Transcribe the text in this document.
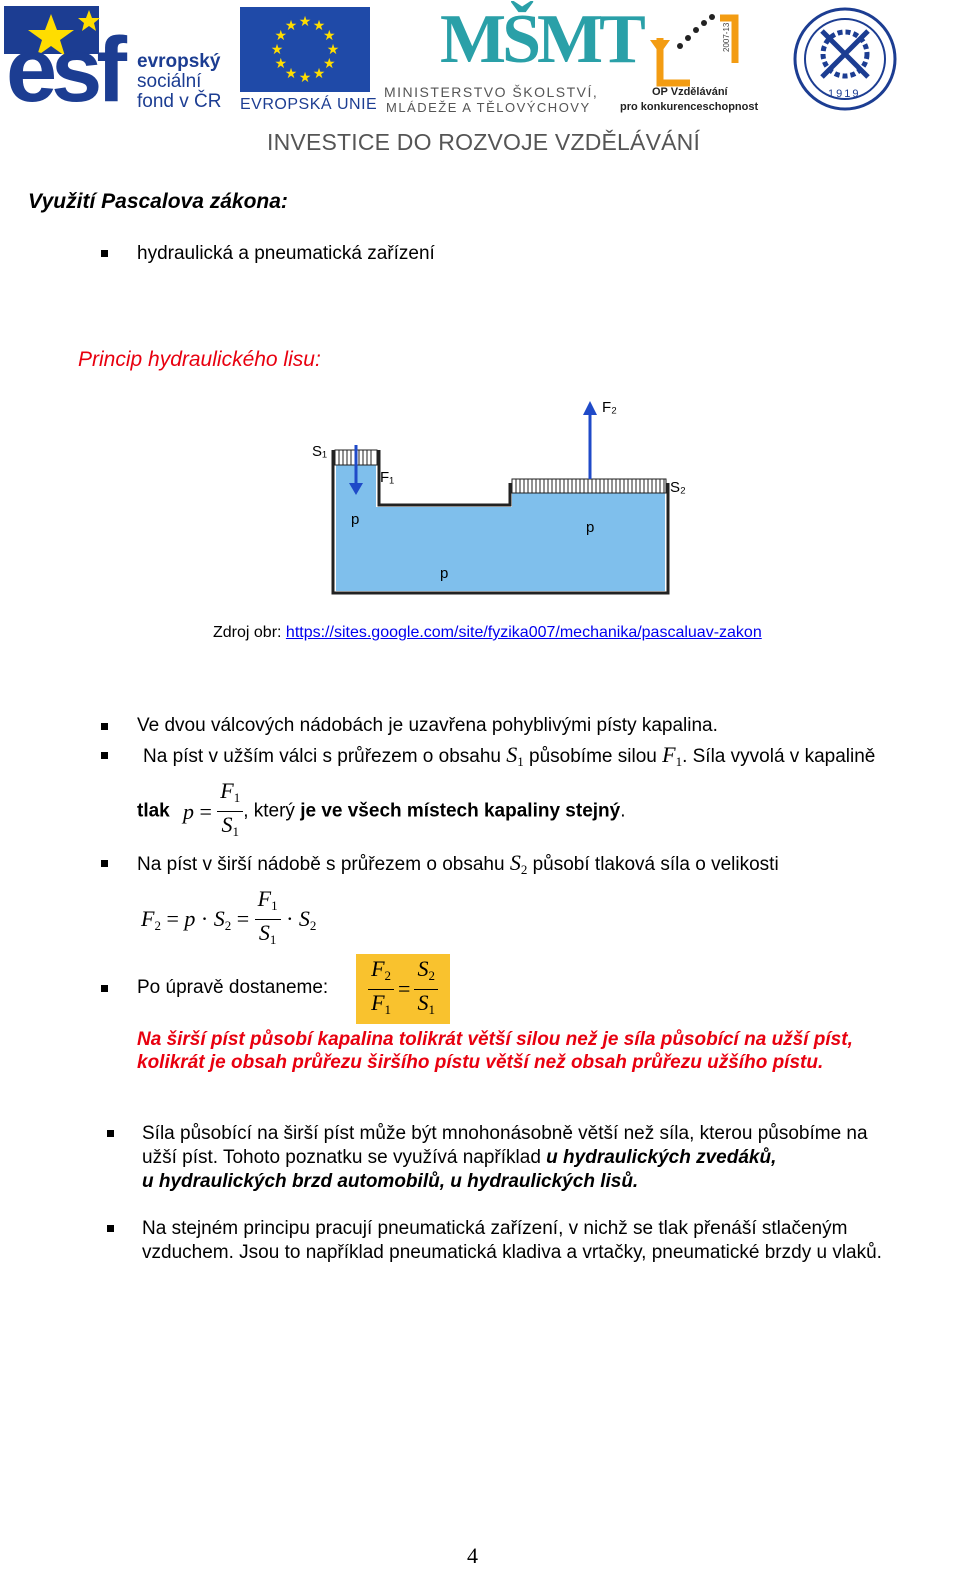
esf evropský
sociální
fond v ČR
★
★
★
★
★
★
★
★
★ ★ ★
★
EVROPSKÁ UNIE
MŠMT
MINISTERSTVO ŠKOLSTVÍ,
MLÁDEŽE A TĚLOVÝCHOVY
2007-13
OP Vzdělávání
pro konkurenceschopnost
1919
INVESTICE DO ROZVOJE VZDĚLÁVÁNÍ
Využití Pascalova zákona:
hydraulická a pneumatická zařízení
Princip hydraulického lisu:
S₁
F₁
F₂
S₂
p	p
p
Zdroj obr: https://sites.google.com/site/fyzika007/mechanika/pascaluav-zakon
Ve dvou válcových nádobách je uzavřena pohyblivými písty kapalina.
Na píst v užším válci s průřezem o obsahu $S_1$ působíme silou $F_1$. Síla vyvolá v kapalině
tlak $p = \frac{F_1}{S_1}$ , který je ve všech místech kapaliny stejný.
Na píst v širší nádobě s průřezem o obsahu $S_2$ působí tlaková síla o velikosti
$F_2 = p \cdot S_2 = \frac{F_1}{S_1} \cdot S_2$
Po úpravě dostaneme: $\frac{F_2}{F_1} = \frac{S_2}{S_1}$
Na širší píst působí kapalina tolikrát větší silou než je síla působící na užší píst,
kolikrát je obsah průřezu širšího pístu větší než obsah průřezu užšího pístu.
Síla působící na širší píst může být mnohonásobně větší než síla, kterou působíme na
užší píst. Tohoto poznatku se využívá například u hydraulických zvedáků,
u hydraulických brzd automobilů, u hydraulických lisů.
Na stejném principu pracují pneumatická zařízení, v nichž se tlak přenáší stlačeným
vzduchem. Jsou to například pneumatická kladiva a vrtačky, pneumatické brzdy u vlaků.
4
